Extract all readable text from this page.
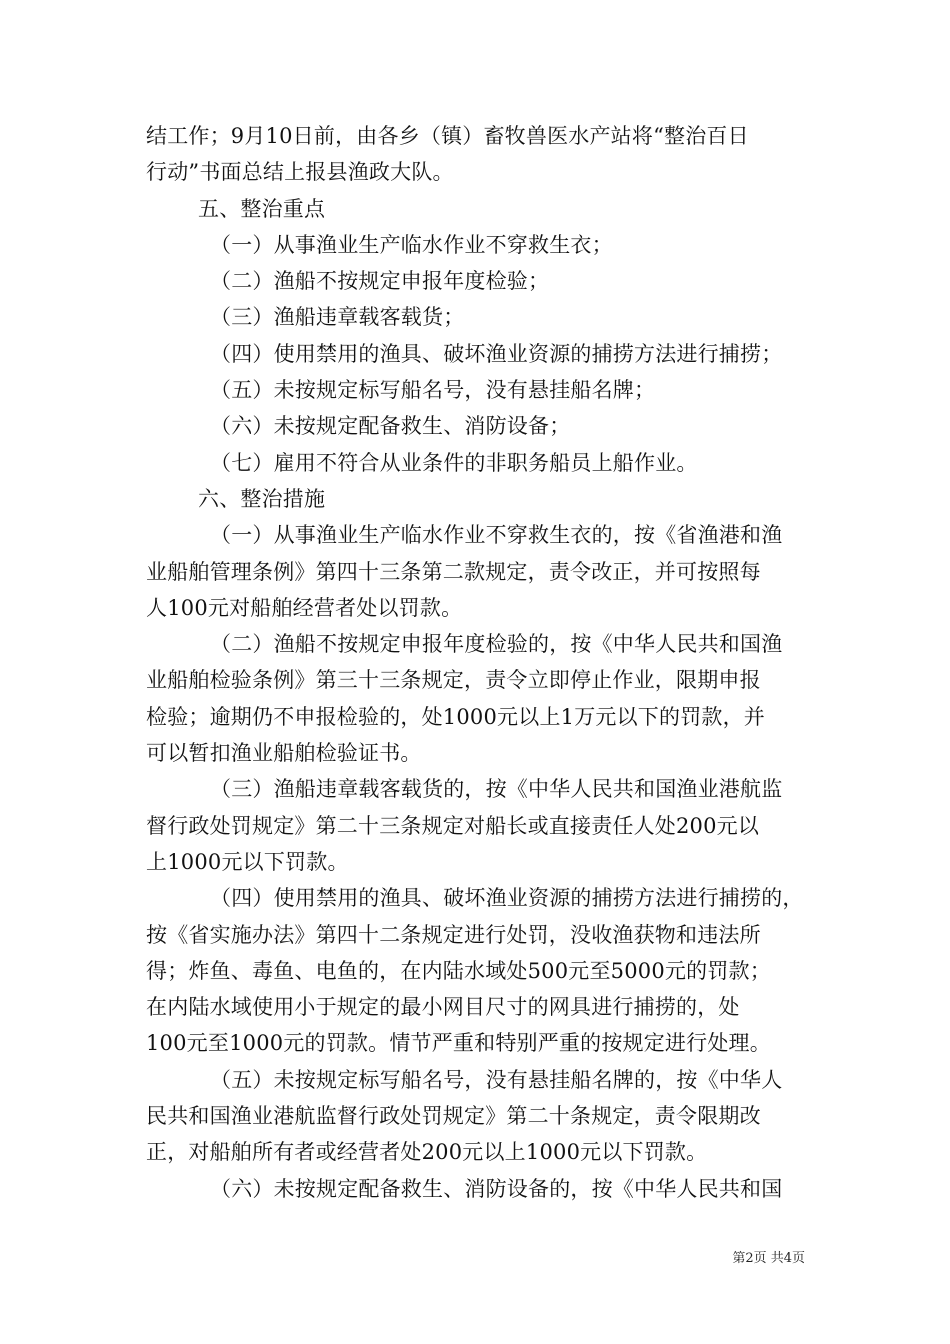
结工作；9月10日前，由各乡（镇）畜牧兽医水产站将“整治百日
行动”书面总结上报县渔政大队。
五、整治重点
（一）从事渔业生产临水作业不穿救生衣；
（二）渔船不按规定申报年度检验；
（三）渔船违章载客载货；
（四）使用禁用的渔具、破坏渔业资源的捕捞方法进行捕捞；
（五）未按规定标写船名号，没有悬挂船名牌；
（六）未按规定配备救生、消防设备；
（七）雇用不符合从业条件的非职务船员上船作业。
六、整治措施
（一）从事渔业生产临水作业不穿救生衣的，按《省渔港和渔
业船舶管理条例》第四十三条第二款规定，责令改正，并可按照每
人100元对船舶经营者处以罚款。
（二）渔船不按规定申报年度检验的，按《中华人民共和国渔
业船舶检验条例》第三十三条规定，责令立即停止作业，限期申报
检验；逾期仍不申报检验的，处1000元以上1万元以下的罚款，并
可以暂扣渔业船舶检验证书。
（三）渔船违章载客载货的，按《中华人民共和国渔业港航监
督行政处罚规定》第二十三条规定对船长或直接责任人处200元以
上1000元以下罚款。
（四）使用禁用的渔具、破坏渔业资源的捕捞方法进行捕捞的，
按《省实施办法》第四十二条规定进行处罚，没收渔获物和违法所
得；炸鱼、毒鱼、电鱼的，在内陆水域处500元至5000元的罚款；
在内陆水域使用小于规定的最小网目尺寸的网具进行捕捞的，处
100元至1000元的罚款。情节严重和特别严重的按规定进行处理。
（五）未按规定标写船名号，没有悬挂船名牌的，按《中华人
民共和国渔业港航监督行政处罚规定》第二十条规定，责令限期改
正，对船舶所有者或经营者处200元以上1000元以下罚款。
（六）未按规定配备救生、消防设备的，按《中华人民共和国
第2页 共4页
